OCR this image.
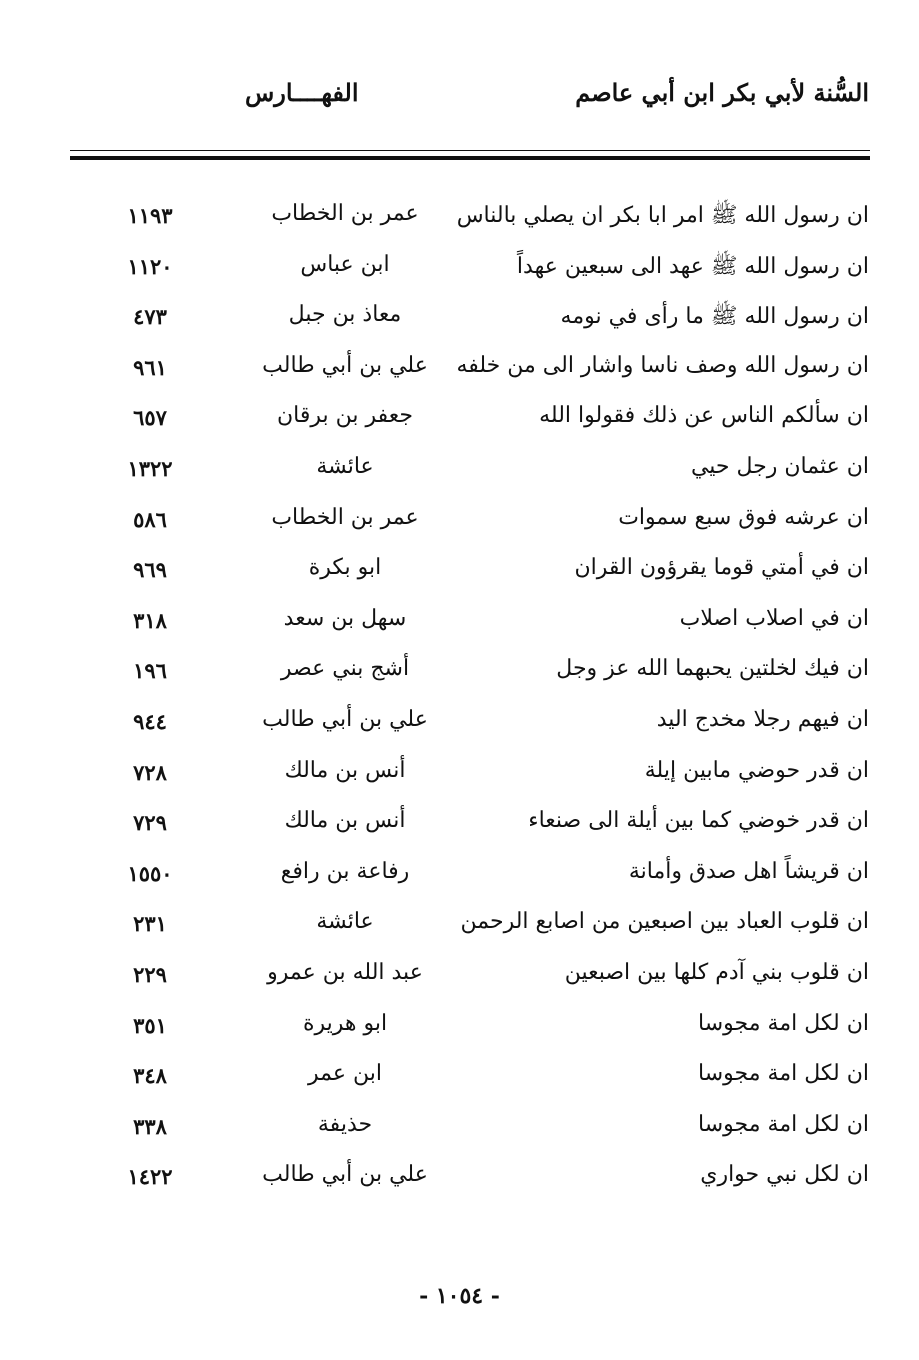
السُّنة لأبي بكر ابن أبي عاصم
الفهــــارس
ان رسول الله ﷺ امر ابا بكر ان يصلي بالناس
عمر بن الخطاب
١١٩٣
ان رسول الله ﷺ عهد الى سبعين عهداً
ابن عباس
١١٢٠
ان رسول الله ﷺ ما رأى في نومه
معاذ بن جبل
٤٧٣
ان رسول الله وصف ناسا واشار الى من خلفه
علي بن أبي طالب
٩٦١
ان سألكم الناس عن ذلك فقولوا الله
جعفر بن برقان
٦٥٧
ان عثمان رجل حيي
عائشة
١٣٢٢
ان عرشه فوق سبع سموات
عمر بن الخطاب
٥٨٦
ان في أمتي قوما يقرؤون القران
ابو بكرة
٩٦٩
ان في اصلاب اصلاب
سهل بن سعد
٣١٨
ان فيك لخلتين يحبهما الله عز وجل
أشج بني عصر
١٩٦
ان فيهم رجلا مخدج اليد
علي بن أبي طالب
٩٤٤
ان قدر حوضي مابين إيلة
أنس بن مالك
٧٢٨
ان قدر خوضي كما بين أيلة الى صنعاء
أنس بن مالك
٧٢٩
ان قريشاً اهل صدق وأمانة
رفاعة بن رافع
١٥٥٠
ان قلوب العباد بين اصبعين من اصابع الرحمن
عائشة
٢٣١
ان قلوب بني آدم كلها بين اصبعين
عبد الله بن عمرو
٢٢٩
ان لكل امة مجوسا
ابو هريرة
٣٥١
ان لكل امة مجوسا
ابن عمر
٣٤٨
ان لكل امة مجوسا
حذيفة
٣٣٨
ان لكل نبي حواري
علي بن أبي طالب
١٤٢٢
- ١٠٥٤ -
